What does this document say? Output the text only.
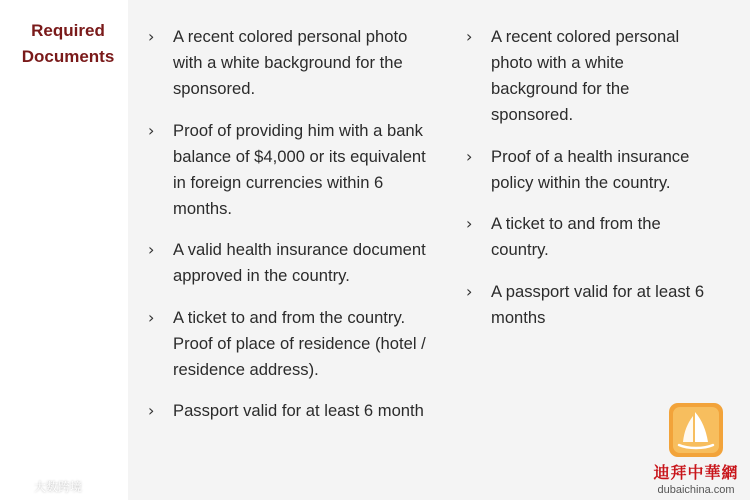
Required Documents
› A recent colored personal photo with a white background for the sponsored.
› Proof of providing him with a bank balance of $4,000 or its equivalent in foreign currencies within 6 months.
› A valid health insurance document approved in the country.
› A ticket to and from the country. Proof of place of residence (hotel / residence address).
› Passport valid for at least 6 month
› A recent colored personal photo with a white background for the sponsored.
› Proof of a health insurance policy within the country.
› A ticket to and from the country.
› A passport valid for at least 6 months
大数跨境
迪拜中華網
dubaichina.com
